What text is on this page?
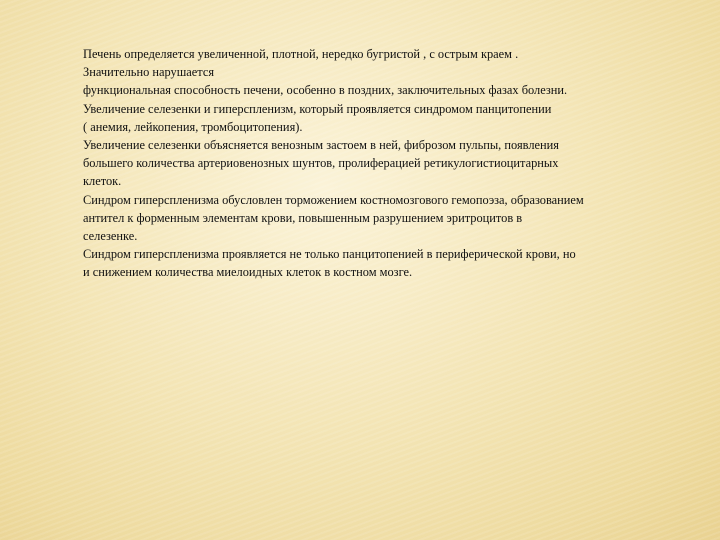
Печень определяется увеличенной, плотной, нередко бугристой , с острым краем .
Значительно нарушается
функциональная способность печени, особенно в поздних, заключительных фазах болезни.
Увеличение селезенки и гиперспленизм, который проявляется синдромом панцитопении
( анемия, лейкопения, тромбоцитопения).
Увеличение селезенки объясняется венозным застоем в ней, фиброзом пульпы, появления
большего количества артериовенозных шунтов, пролиферацией ретикулогистиоцитарных
клеток.
Синдром гиперспленизма обусловлен торможением костномозгового гемопоэза, образованием
антител к форменным элементам крови, повышенным разрушением эритроцитов в
селезенке.
Синдром гиперспленизма проявляется не только панцитопенией в периферической крови, но
и снижением количества миелоидных клеток в костном мозге.
